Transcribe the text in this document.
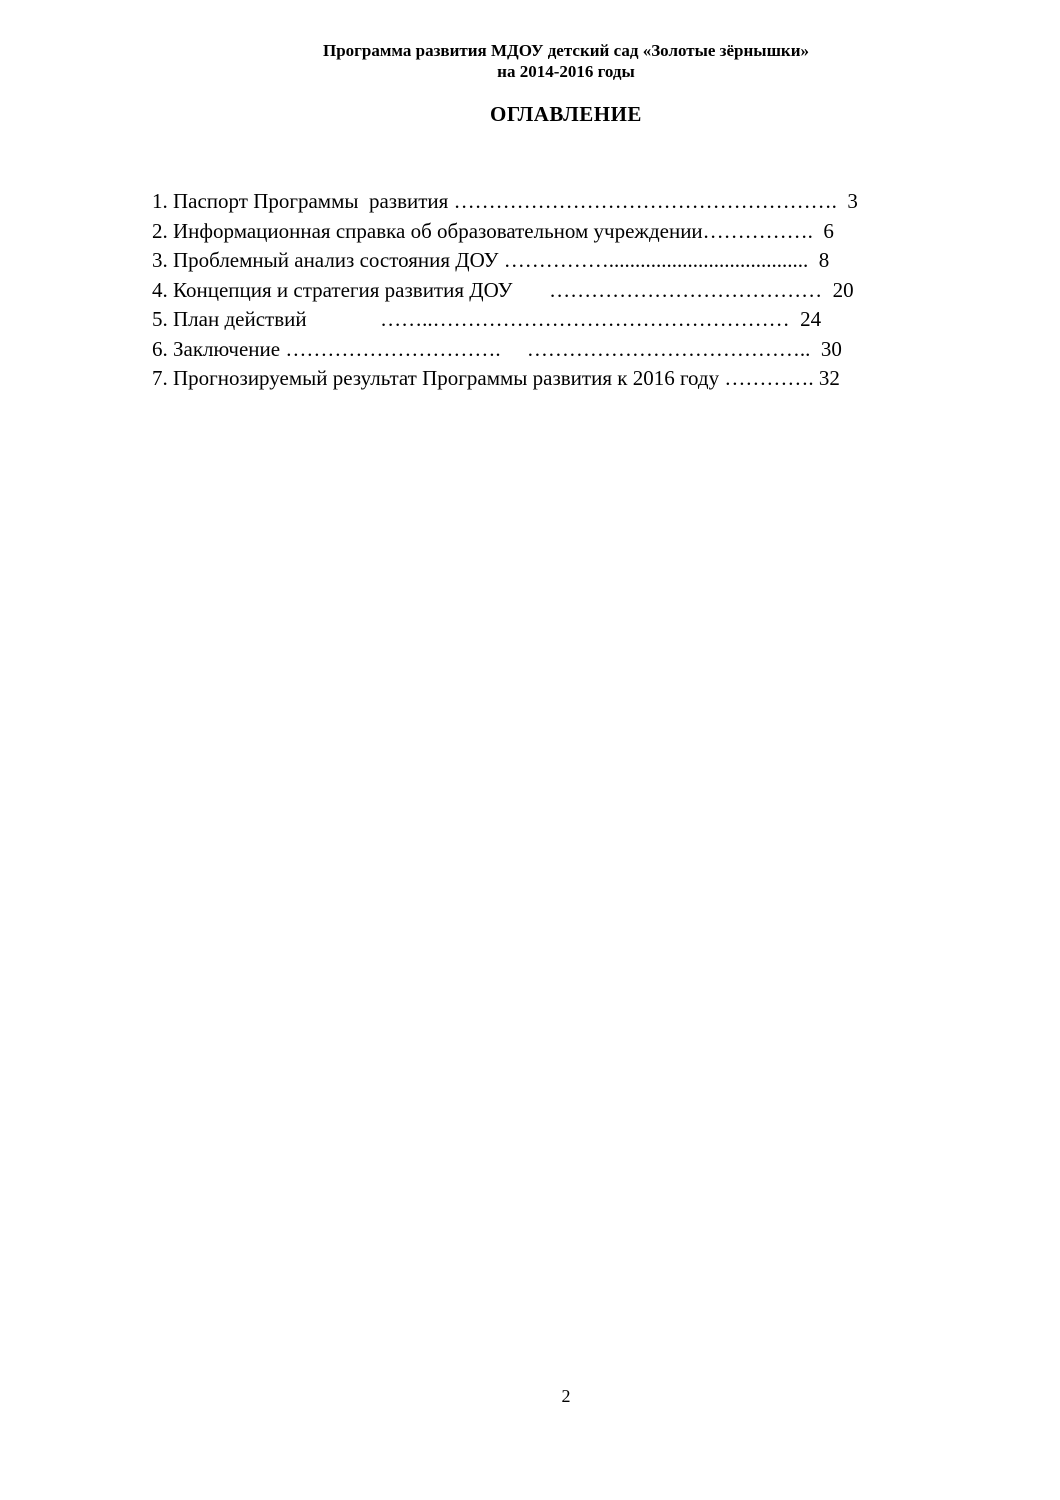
Программа развития МДОУ детский сад «Золотые зёрнышки»
на 2014-2016 годы
ОГЛАВЛЕНИЕ
1. Паспорт Программы  развития ……………………………………………….  3
2. Информационная справка об образовательном учреждении…………….  6
3. Проблемный анализ состояния ДОУ ……………......................................  8
4. Концепция и стратегия развития ДОУ       …………………………………  20
5. План действий              ……..……………………………………………  24
6. Заключение ………………………….     …………………………………..  30
7. Прогнозируемый результат Программы развития к 2016 году …………. 32
2
